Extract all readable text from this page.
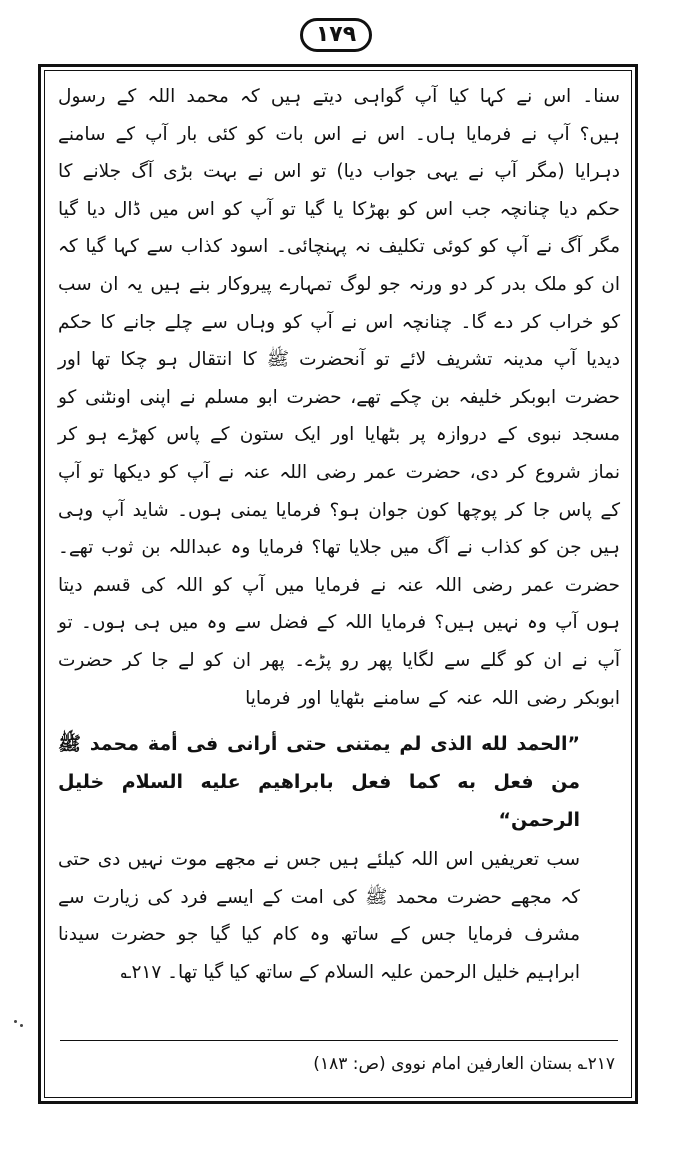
۱۷۹

سنا۔ اس نے کہا کیا آپ گواہی دیتے ہیں کہ محمد اللہ کے رسول ہیں؟ آپ نے فرمایا ہاں۔ اس نے اس بات کو کئی بار آپ کے سامنے دہرایا (مگر آپ نے یہی جواب دیا) تو اس نے بہت بڑی آگ جلانے کا حکم دیا چنانچہ جب اس کو بھڑکا یا گیا تو آپ کو اس میں ڈال دیا گیا مگر آگ نے آپ کو کوئی تکلیف نہ پہنچائی۔ اسود کذاب سے کہا گیا کہ ان کو ملک بدر کر دو ورنہ جو لوگ تمہارے پیروکار بنے ہیں یہ ان سب کو خراب کر دے گا۔ چنانچہ اس نے آپ کو وہاں سے چلے جانے کا حکم دیدیا آپ مدینہ تشریف لائے تو آنحضرت ﷺ کا انتقال ہو چکا تھا اور حضرت ابوبکر خلیفہ بن چکے تھے، حضرت ابو مسلم نے اپنی اونٹنی کو مسجد نبوی کے دروازہ پر بٹھایا اور ایک ستون کے پاس کھڑے ہو کر نماز شروع کر دی، حضرت عمر رضی اللہ عنہ نے آپ کو دیکھا تو آپ کے پاس جا کر پوچھا کون جوان ہو؟ فرمایا یمنی ہوں۔ شاید آپ وہی ہیں جن کو کذاب نے آگ میں جلایا تھا؟ فرمایا وہ عبداللہ بن ثوب تھے۔ حضرت عمر رضی اللہ عنہ نے فرمایا میں آپ کو اللہ کی قسم دیتا ہوں آپ وہ نہیں ہیں؟ فرمایا اللہ کے فضل سے وہ میں ہی ہوں۔ تو آپ نے ان کو گلے سے لگایا پھر رو پڑے۔ پھر ان کو لے جا کر حضرت ابوبکر رضی اللہ عنہ کے سامنے بٹھایا اور فرمایا

”الحمد لله الذی لم یمتنی حتی أرانی فی أمة محمد ﷺ من فعل به کما فعل بابراهیم علیه السلام خلیل الرحمن“

سب تعریفیں اس اللہ کیلئے ہیں جس نے مجھے موت نہیں دی حتی کہ مجھے حضرت محمد ﷺ کی امت کے ایسے فرد کی زیارت سے مشرف فرمایا جس کے ساتھ وہ کام کیا گیا جو حضرت سیدنا ابراہیم خلیل الرحمن علیہ السلام کے ساتھ کیا گیا تھا۔ ۲۱۷؎

۲۱۷؎ بستان العارفین امام نووی (ص: ۱۸۳)
